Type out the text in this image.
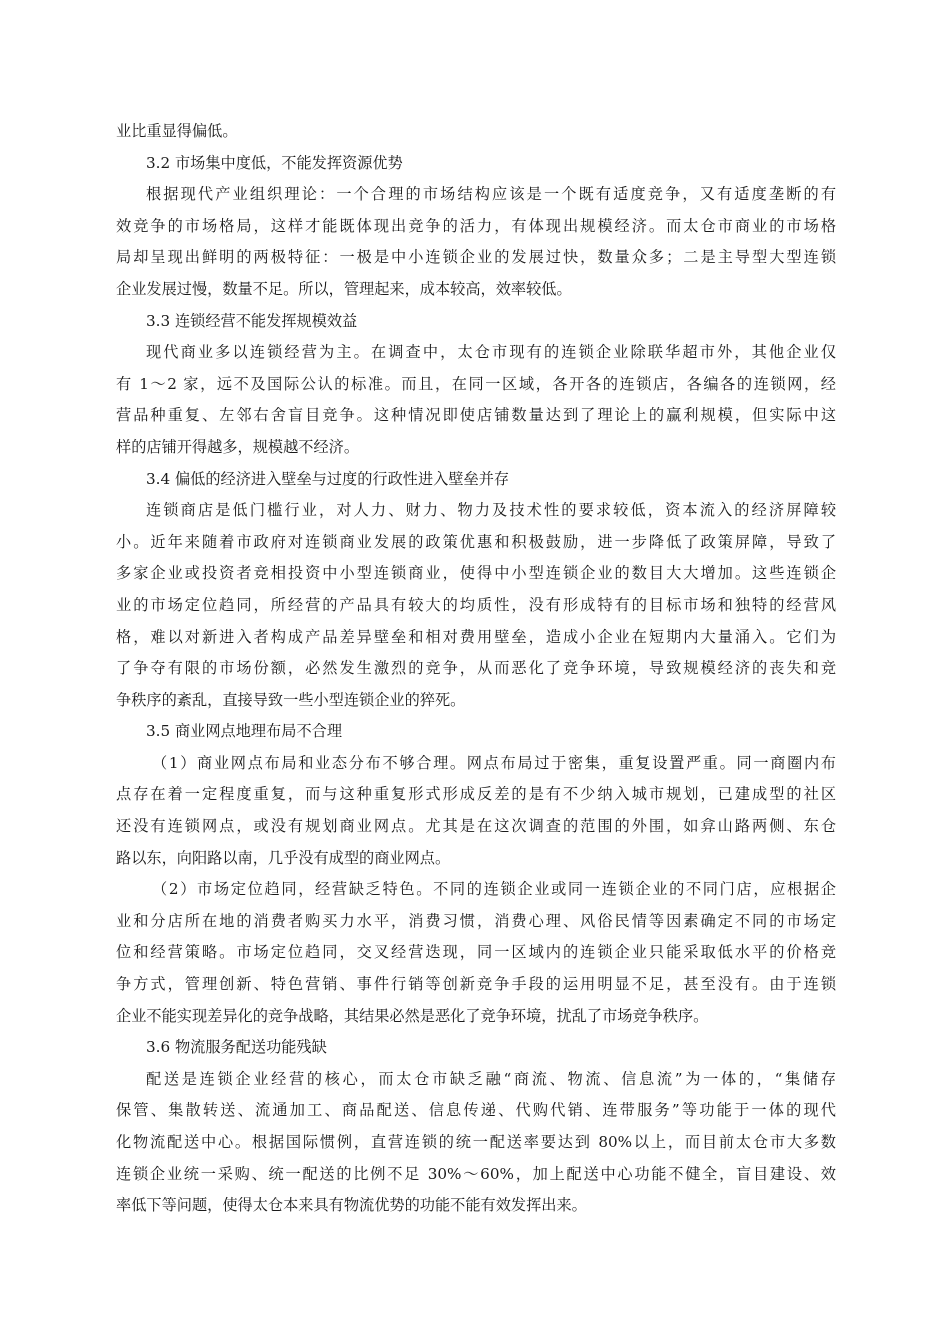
业比重显得偏低。
3.2 市场集中度低，不能发挥资源优势
根据现代产业组织理论：一个合理的市场结构应该是一个既有适度竞争，又有适度垄断的有
效竞争的市场格局，这样才能既体现出竞争的活力，有体现出规模经济。而太仓市商业的市场格
局却呈现出鲜明的两极特征：一极是中小连锁企业的发展过快，数量众多；二是主导型大型连锁
企业发展过慢，数量不足。所以，管理起来，成本较高，效率较低。
3.3 连锁经营不能发挥规模效益
现代商业多以连锁经营为主。在调查中，太仓市现有的连锁企业除联华超市外，其他企业仅
有 1～2 家，远不及国际公认的标准。而且，在同一区域，各开各的连锁店，各编各的连锁网，经
营品种重复、左邻右舍盲目竞争。这种情况即使店铺数量达到了理论上的赢利规模，但实际中这
样的店铺开得越多，规模越不经济。
3.4 偏低的经济进入壁垒与过度的行政性进入壁垒并存
连锁商店是低门槛行业，对人力、财力、物力及技术性的要求较低，资本流入的经济屏障较
小。近年来随着市政府对连锁商业发展的政策优惠和积极鼓励，进一步降低了政策屏障，导致了
多家企业或投资者竞相投资中小型连锁商业，使得中小型连锁企业的数目大大增加。这些连锁企
业的市场定位趋同，所经营的产品具有较大的均质性，没有形成特有的目标市场和独特的经营风
格，难以对新进入者构成产品差异壁垒和相对费用壁垒，造成小企业在短期内大量涌入。它们为
了争夺有限的市场份额，必然发生激烈的竞争，从而恶化了竞争环境，导致规模经济的丧失和竞
争秩序的紊乱，直接导致一些小型连锁企业的猝死。
3.5 商业网点地理布局不合理
（1）商业网点布局和业态分布不够合理。网点布局过于密集，重复设置严重。同一商圈内布
点存在着一定程度重复，而与这种重复形式形成反差的是有不少纳入城市规划，已建成型的社区
还没有连锁网点，或没有规划商业网点。尤其是在这次调查的范围的外围，如弇山路两侧、东仓
路以东，向阳路以南，几乎没有成型的商业网点。
（2）市场定位趋同，经营缺乏特色。不同的连锁企业或同一连锁企业的不同门店，应根据企
业和分店所在地的消费者购买力水平，消费习惯，消费心理、风俗民情等因素确定不同的市场定
位和经营策略。市场定位趋同，交叉经营迭现，同一区域内的连锁企业只能采取低水平的价格竞
争方式，管理创新、特色营销、事件行销等创新竞争手段的运用明显不足，甚至没有。由于连锁
企业不能实现差异化的竞争战略，其结果必然是恶化了竞争环境，扰乱了市场竞争秩序。
3.6 物流服务配送功能残缺
配送是连锁企业经营的核心，而太仓市缺乏融“商流、物流、信息流”为一体的，“集储存
保管、集散转送、流通加工、商品配送、信息传递、代购代销、连带服务”等功能于一体的现代
化物流配送中心。根据国际惯例，直营连锁的统一配送率要达到 80%以上，而目前太仓市大多数
连锁企业统一采购、统一配送的比例不足 30%～60%，加上配送中心功能不健全，盲目建设、效
率低下等问题，使得太仓本来具有物流优势的功能不能有效发挥出来。
